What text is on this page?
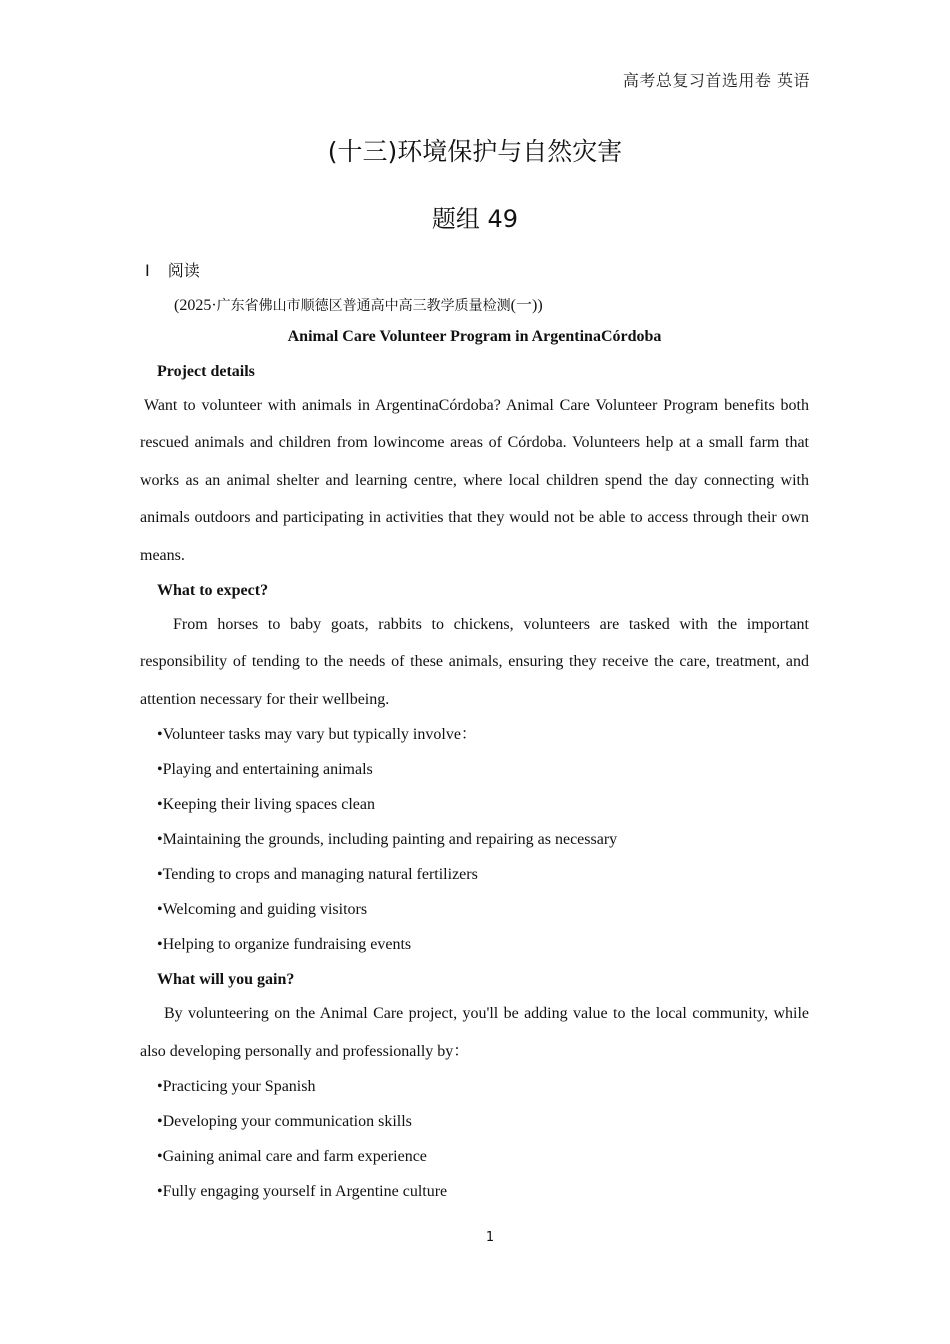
高考总复习首选用卷 英语
(十三)环境保护与自然灾害
题组 49
Ⅰ 阅读
(2025·广东省佛山市顺德区普通高中高三教学质量检测(一))
Animal Care Volunteer Program in ArgentinaCórdoba
Project details

Want to volunteer with animals in ArgentinaCórdoba? Animal Care Volunteer Program benefits both rescued animals and children from lowincome areas of Córdoba. Volunteers help at a small farm that works as an animal shelter and learning centre, where local children spend the day connecting with animals outdoors and participating in activities that they would not be able to access through their own means.

What to expect?

From horses to baby goats, rabbits to chickens, volunteers are tasked with the important responsibility of tending to the needs of these animals, ensuring they receive the care, treatment, and attention necessary for their wellbeing.

•Volunteer tasks may vary but typically involve：
•Playing and entertaining animals
•Keeping their living spaces clean
•Maintaining the grounds, including painting and repairing as necessary
•Tending to crops and managing natural fertilizers
•Welcoming and guiding visitors
•Helping to organize fundraising events
What will you gain?

By volunteering on the Animal Care project, you'll be adding value to the local community, while also developing personally and professionally by：

•Practicing your Spanish
•Developing your communication skills
•Gaining animal care and farm experience
•Fully engaging yourself in Argentine culture
1
